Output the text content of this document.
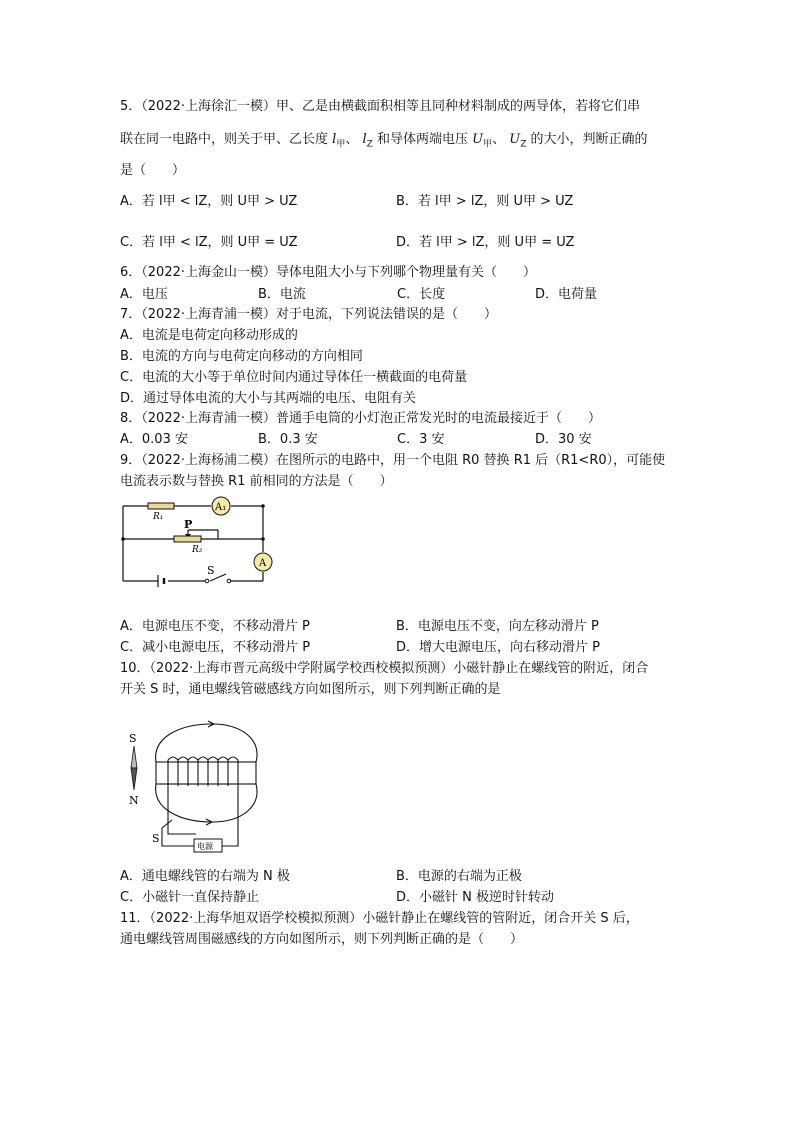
5．（2022·上海徐汇一模）甲、乙是由横截面积相等且同种材料制成的两导体，若将它们串
联在同一电路中，则关于甲、乙长度 $l_甲$、 $l_Z$ 和导体两端电压 $U_甲$、 $U_Z$ 的大小，判断正确的
是（　　）
A．若 l甲 < lZ，则 U甲 > UZ	B．若 l甲 > lZ，则 U甲 > UZ
C．若 l甲 < lZ，则 U甲 = UZ	D．若 l甲 > lZ，则 U甲 = UZ
6．（2022·上海金山一模）导体电阻大小与下列哪个物理量有关（　　）
A．电压	B．电流	C．长度	D．电荷量
7．（2022·上海青浦一模）对于电流，下列说法错误的是（　　）
A．电流是电荷定向移动形成的
B．电流的方向与电荷定向移动的方向相同
C．电流的大小等于单位时间内通过导体任一横截面的电荷量
D．通过导体电流的大小与其两端的电压、电阻有关
8．（2022·上海青浦一模）普通手电筒的小灯泡正常发光时的电流最接近于（　　）
A．0.03 安	B．0.3 安	C．3 安	D．30 安
9．（2022·上海杨浦二模）在图所示的电路中，用一个电阻 R0 替换 R1 后（R1<R0），可能使
电流表示数与替换 R1 前相同的方法是（　　）
R₁
P
R₂
A₁
A
S
A．电源电压不变，不移动滑片 P	B．电源电压不变，向左移动滑片 P
C．减小电源电压，不移动滑片 P	D．增大电源电压，向右移动滑片 P
10．（2022·上海市晋元高级中学附属学校西校模拟预测）小磁针静止在螺线管的附近，闭合
开关 S 时，通电螺线管磁感线方向如图所示，则下列判断正确的是
S
N
电源
S
A．通电螺线管的右端为 N 极	B．电源的右端为正极
C．小磁针一直保持静止	D．小磁针 N 极逆时针转动
11．（2022·上海华旭双语学校模拟预测）小磁针静止在螺线管的管附近，闭合开关 S 后，
通电螺线管周围磁感线的方向如图所示，则下列判断正确的是（　　）
